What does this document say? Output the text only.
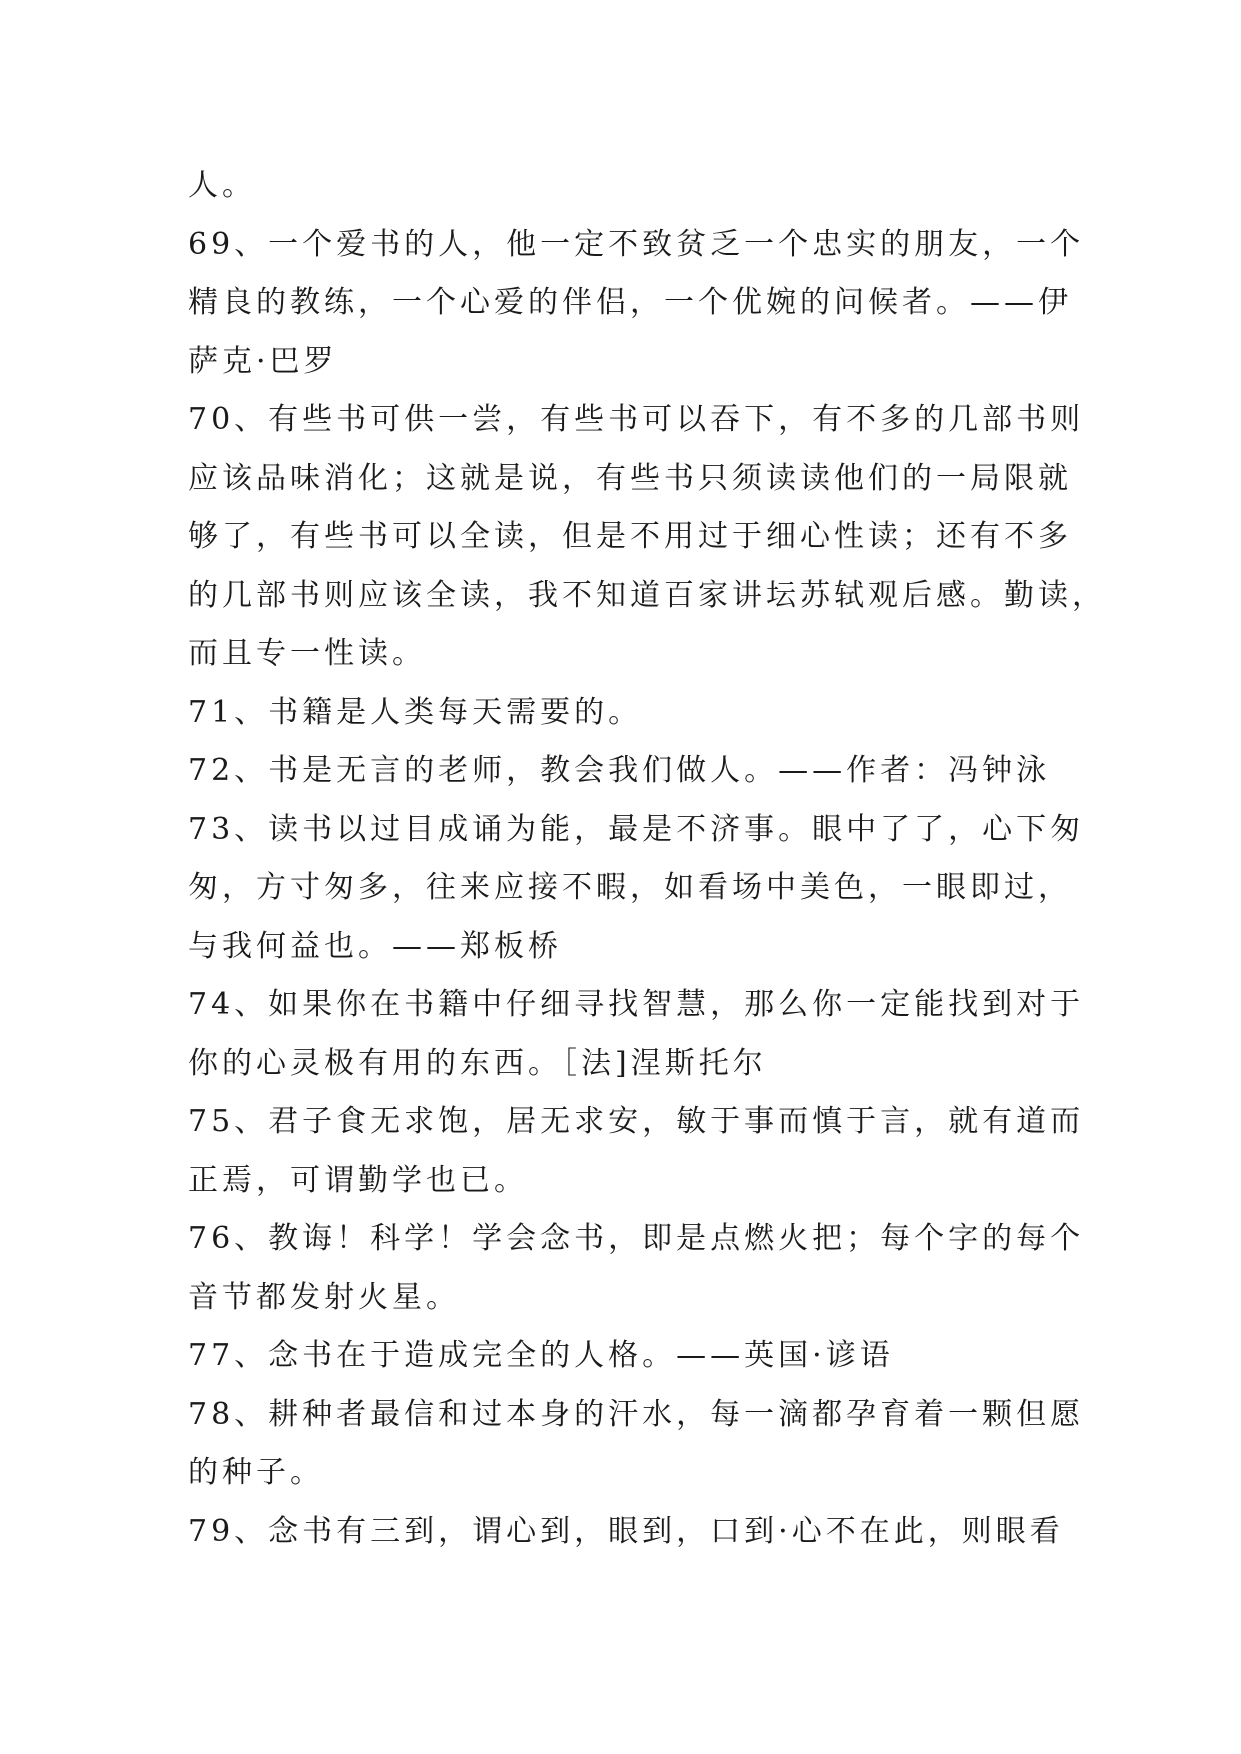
人。
69、一个爱书的人，他一定不致贫乏一个忠实的朋友，一个
精良的教练，一个心爱的伴侣，一个优婉的问候者。——伊
萨克·巴罗
70、有些书可供一尝，有些书可以吞下，有不多的几部书则
应该品味消化；这就是说，有些书只须读读他们的一局限就
够了，有些书可以全读，但是不用过于细心性读；还有不多
的几部书则应该全读，我不知道百家讲坛苏轼观后感。勤读，
而且专一性读。
71、书籍是人类每天需要的。
72、书是无言的老师，教会我们做人。——作者：冯钟泳
73、读书以过目成诵为能，最是不济事。眼中了了，心下匆
匆，方寸匆多，往来应接不暇，如看场中美色，一眼即过，
与我何益也。——郑板桥
74、如果你在书籍中仔细寻找智慧，那么你一定能找到对于
你的心灵极有用的东西。［法]涅斯托尔
75、君子食无求饱，居无求安，敏于事而慎于言，就有道而
正焉，可谓勤学也已。
76、教诲！科学！学会念书，即是点燃火把；每个字的每个
音节都发射火星。
77、念书在于造成完全的人格。——英国·谚语
78、耕种者最信和过本身的汗水，每一滴都孕育着一颗但愿
的种子。
79、念书有三到，谓心到，眼到，口到·心不在此，则眼看
